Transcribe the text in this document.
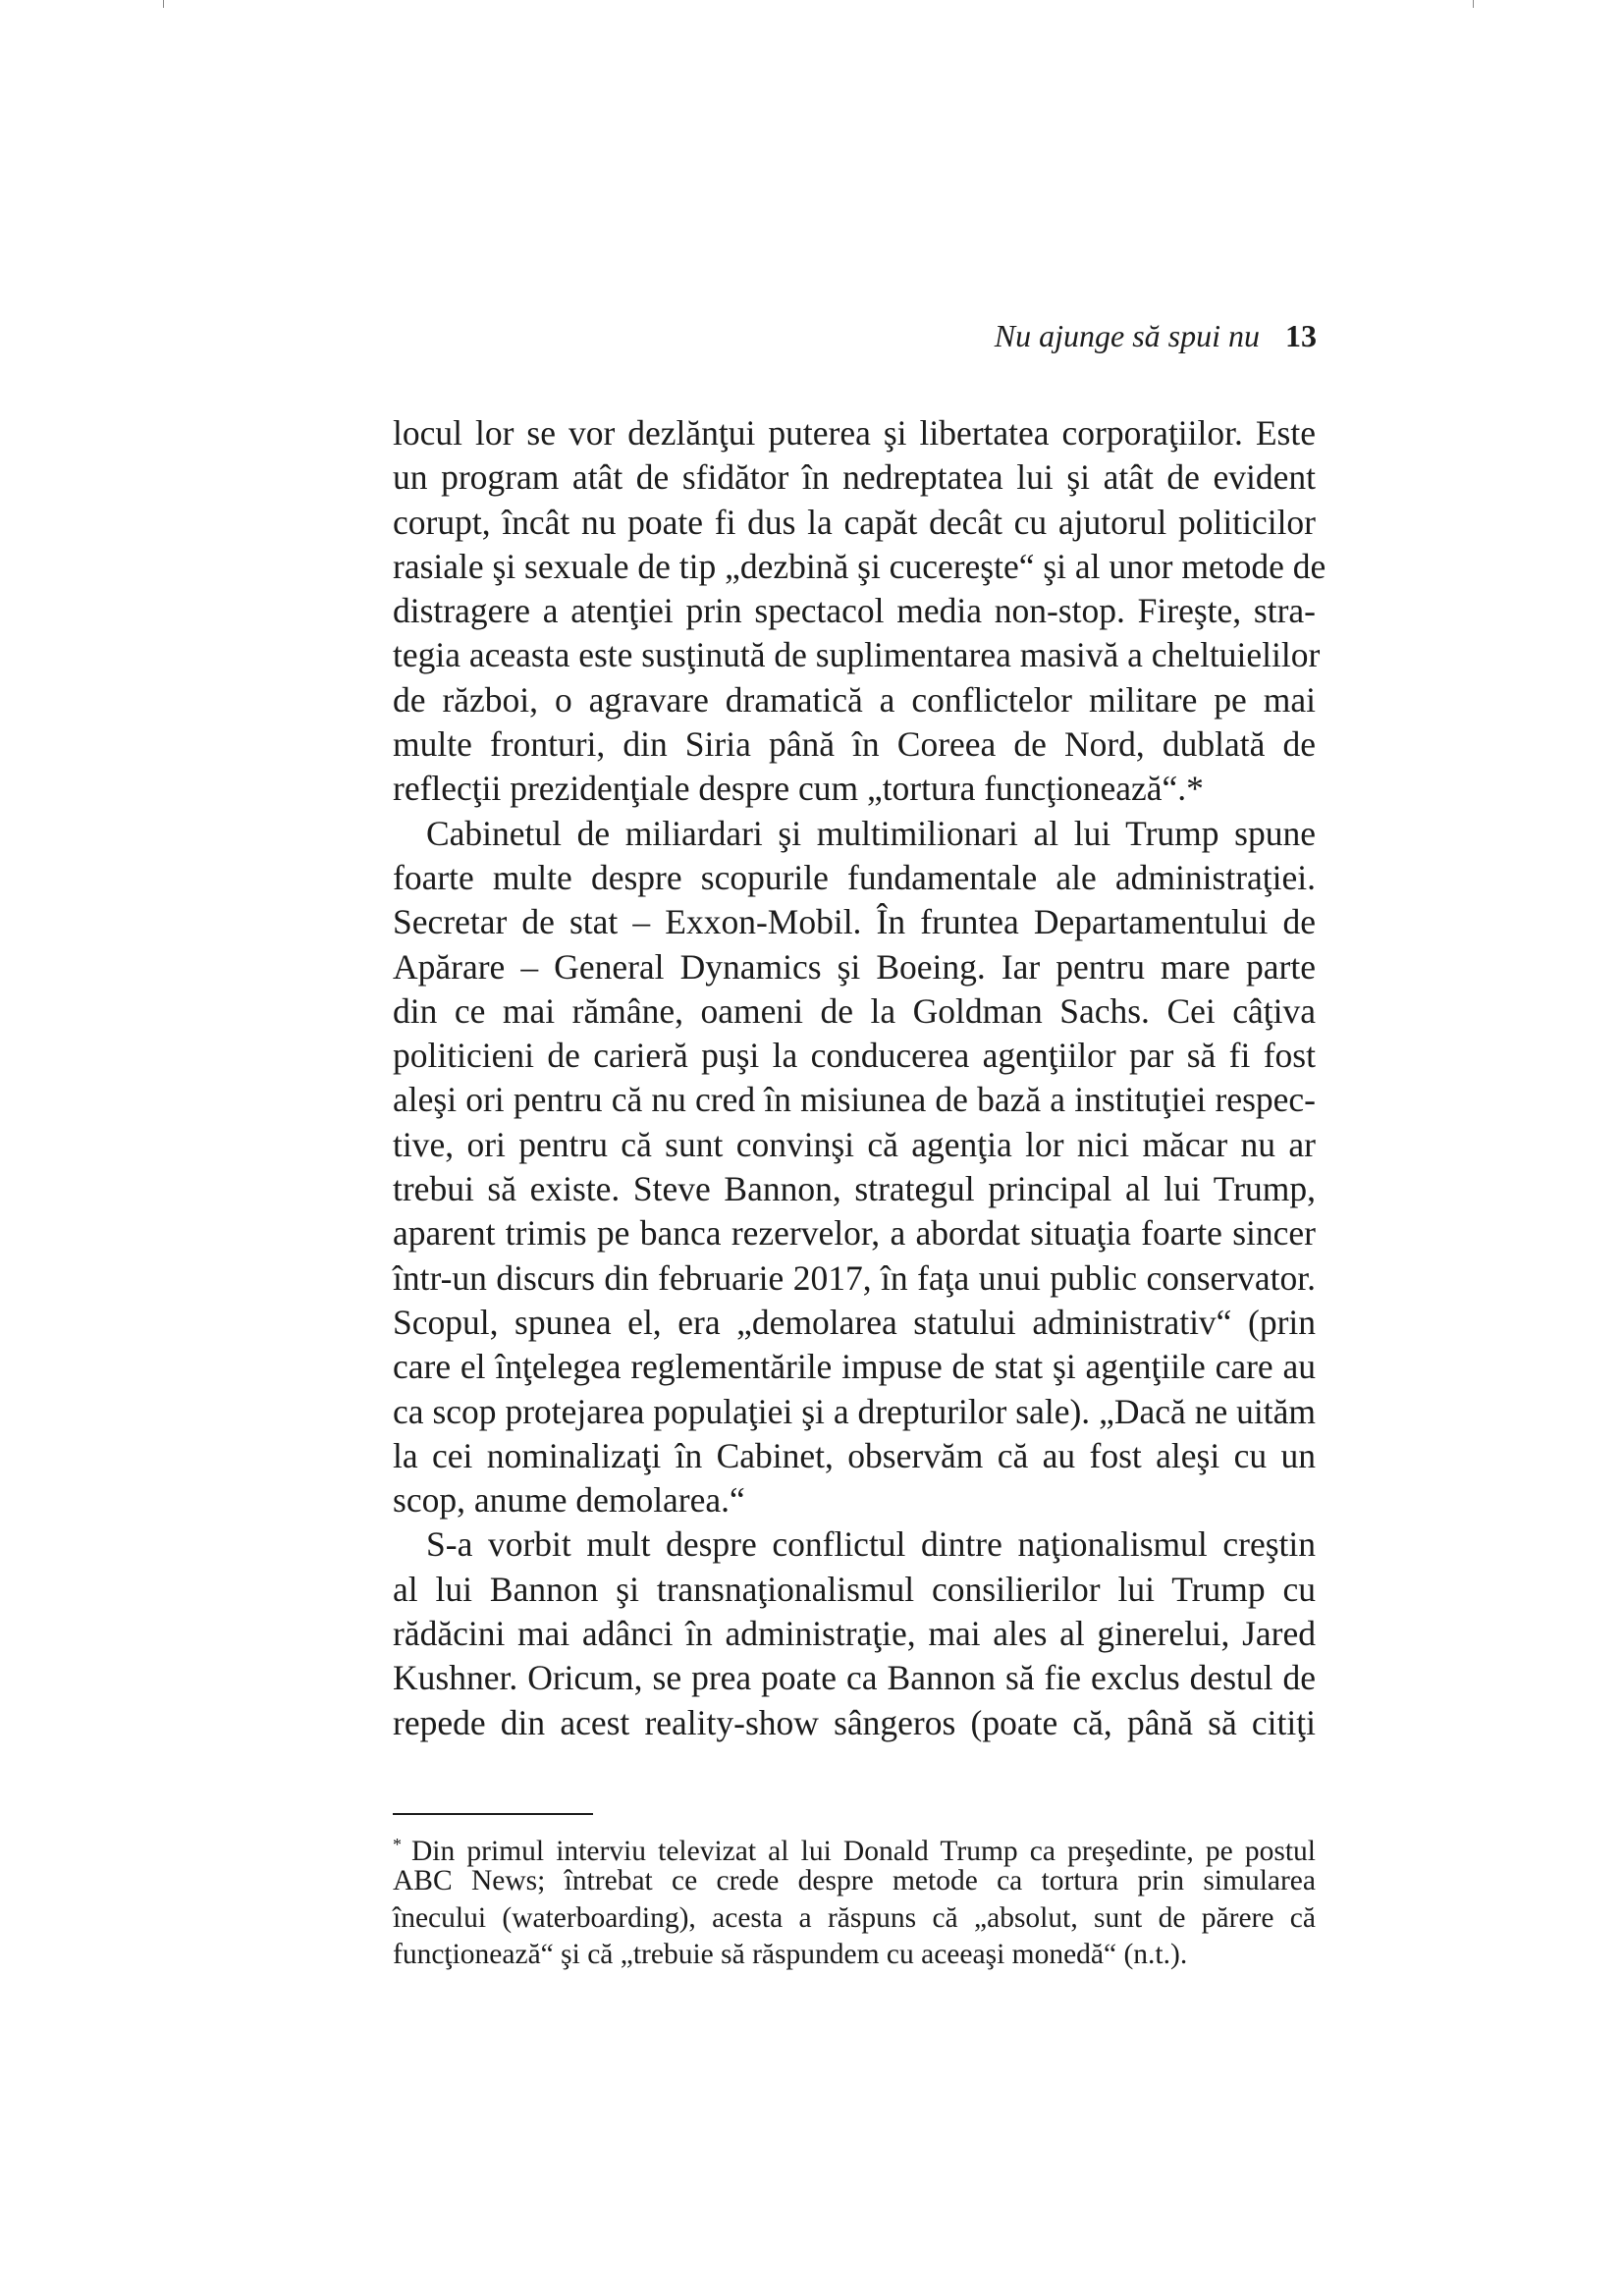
Nu ajunge să spui nu 13
locul lor se vor dezlănţui puterea şi libertatea corporaţiilor. Este
un program atât de sfidător în nedreptatea lui şi atât de evident
corupt, încât nu poate fi dus la capăt decât cu ajutorul politicilor
rasiale şi sexuale de tip „dezbină şi cucereşte“ şi al unor metode de
distragere a atenţiei prin spectacol media non-stop. Fireşte, stra-
tegia aceasta este susţinută de suplimentarea masivă a cheltuielilor
de război, o agravare dramatică a conflictelor militare pe mai
multe fronturi, din Siria până în Coreea de Nord, dublată de
reflecţii prezidenţiale despre cum „tortura funcţionează“.*
Cabinetul de miliardari şi multimilionari al lui Trump spune
foarte multe despre scopurile fundamentale ale administraţiei.
Secretar de stat – Exxon-Mobil. În fruntea Departamentului de
Apărare – General Dynamics şi Boeing. Iar pentru mare parte
din ce mai rămâne, oameni de la Goldman Sachs. Cei câţiva
politicieni de carieră puşi la conducerea agenţiilor par să fi fost
aleşi ori pentru că nu cred în misiunea de bază a instituţiei respec-
tive, ori pentru că sunt convinşi că agenţia lor nici măcar nu ar
trebui să existe. Steve Bannon, strategul principal al lui Trump,
aparent trimis pe banca rezervelor, a abordat situaţia foarte sincer
într-un discurs din februarie 2017, în faţa unui public conservator.
Scopul, spunea el, era „demolarea statului administrativ“ (prin
care el înţelegea reglementările impuse de stat şi agenţiile care au
ca scop protejarea populaţiei şi a drepturilor sale). „Dacă ne uităm
la cei nominalizaţi în Cabinet, observăm că au fost aleşi cu un
scop, anume demolarea.“
S-a vorbit mult despre conflictul dintre naţionalismul creştin
al lui Bannon şi transnaţionalismul consilierilor lui Trump cu
rădăcini mai adânci în administraţie, mai ales al ginerelui, Jared
Kushner. Oricum, se prea poate ca Bannon să fie exclus destul de
repede din acest reality-show sângeros (poate că, până să citiţi
* Din primul interviu televizat al lui Donald Trump ca preşedinte, pe postul
ABC News; întrebat ce crede despre metode ca tortura prin simularea
înecului (waterboarding), acesta a răspuns că „absolut, sunt de părere că
funcţionează“ şi că „trebuie să răspundem cu aceeaşi monedă“ (n.t.).
